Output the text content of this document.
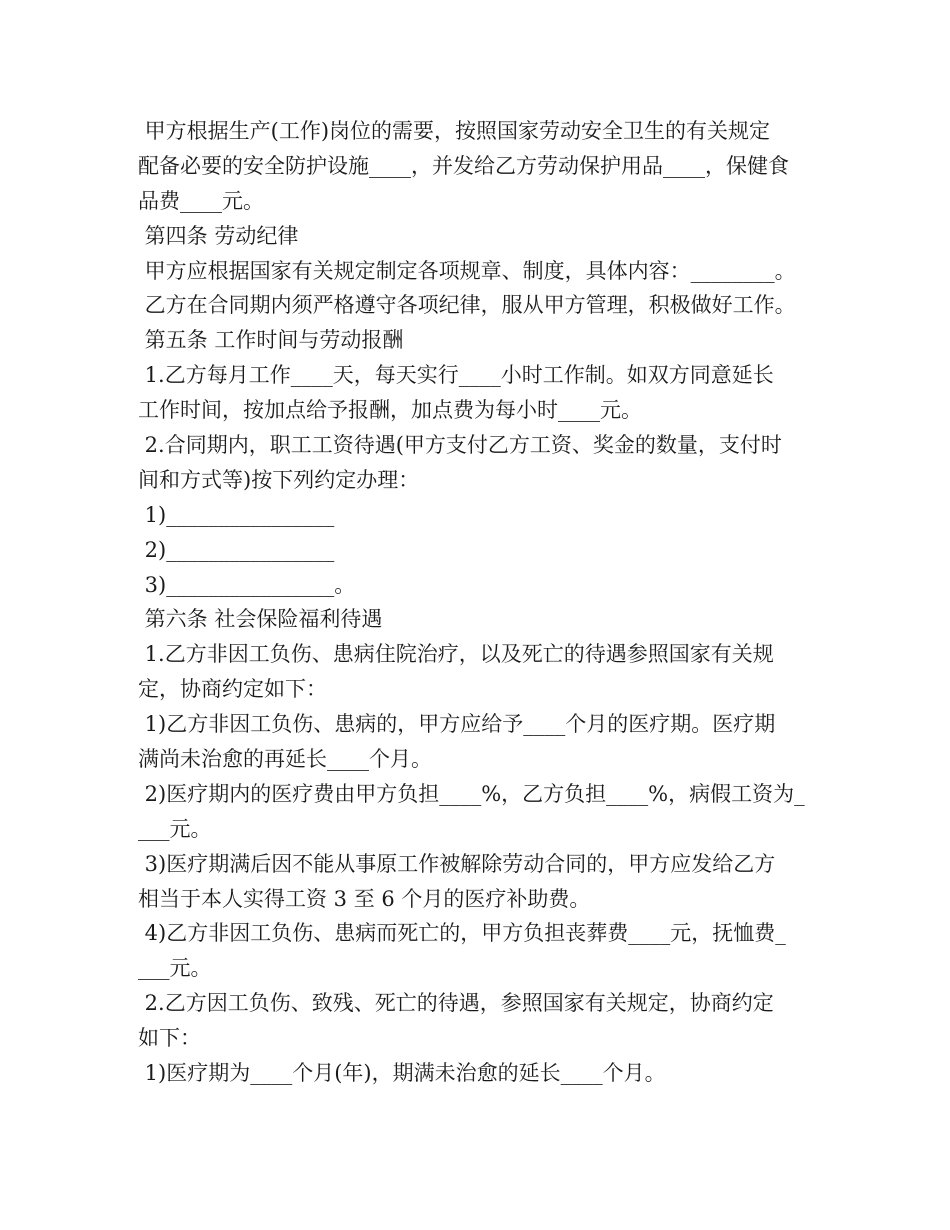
甲方根据生产(工作)岗位的需要，按照国家劳动安全卫生的有关规定
配备必要的安全防护设施____，并发给乙方劳动保护用品____，保健食
品费____元。
第四条 劳动纪律
甲方应根据国家有关规定制定各项规章、制度，具体内容：________。
乙方在合同期内须严格遵守各项纪律，服从甲方管理，积极做好工作。
第五条 工作时间与劳动报酬
1.乙方每月工作____天，每天实行____小时工作制。如双方同意延长
工作时间，按加点给予报酬，加点费为每小时____元。
2.合同期内，职工工资待遇(甲方支付乙方工资、奖金的数量，支付时
间和方式等)按下列约定办理：
1)________________
2)________________
3)________________。
第六条 社会保险福利待遇
1.乙方非因工负伤、患病住院治疗，以及死亡的待遇参照国家有关规
定，协商约定如下：
1)乙方非因工负伤、患病的，甲方应给予____个月的医疗期。医疗期
满尚未治愈的再延长____个月。
2)医疗期内的医疗费由甲方负担____%，乙方负担____%，病假工资为_
___元。
3)医疗期满后因不能从事原工作被解除劳动合同的，甲方应发给乙方
相当于本人实得工资 3 至 6 个月的医疗补助费。
4)乙方非因工负伤、患病而死亡的，甲方负担丧葬费____元，抚恤费_
___元。
2.乙方因工负伤、致残、死亡的待遇，参照国家有关规定，协商约定
如下：
1)医疗期为____个月(年)，期满未治愈的延长____个月。
